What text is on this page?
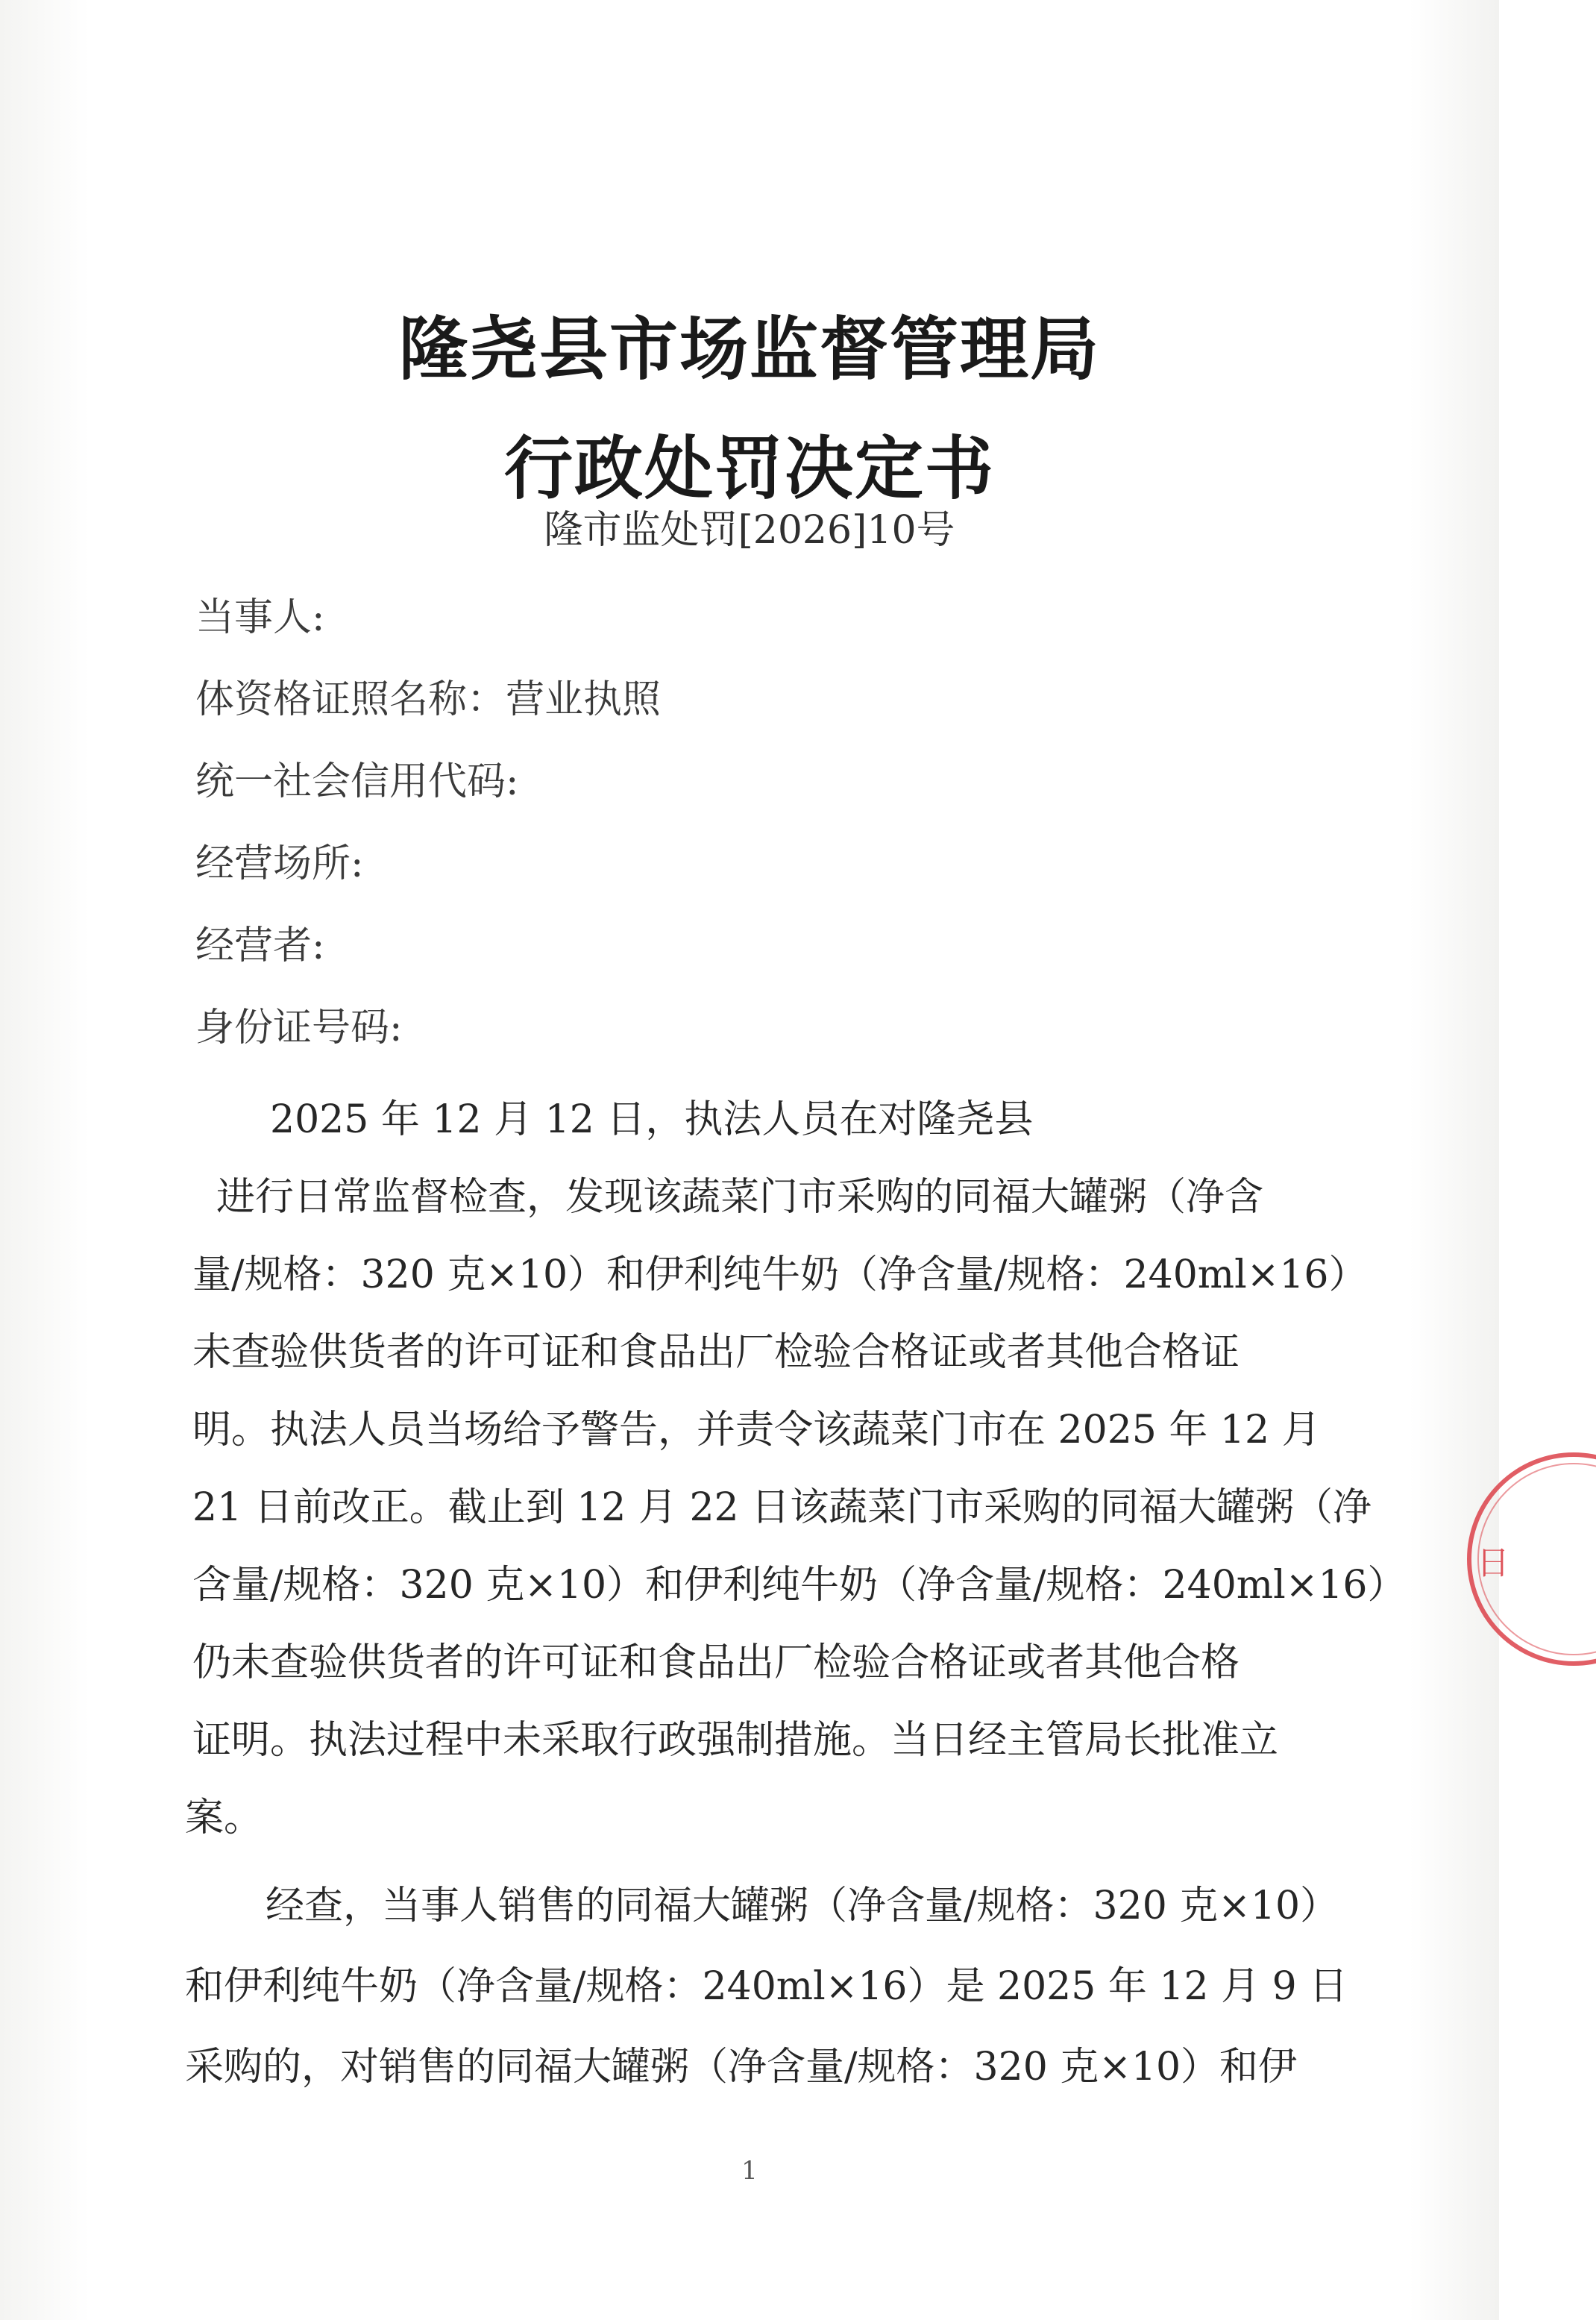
隆尧县市场监督管理局
行政处罚决定书
隆市监处罚[2026]10号
当事人:
体资格证照名称：营业执照
统一社会信用代码:
经营场所:
经营者:
身份证号码:
2025 年 12 月 12 日，执法人员在对隆尧县
进行日常监督检查，发现该蔬菜门市采购的同福大罐粥（净含
量/规格：320 克×10）和伊利纯牛奶（净含量/规格：240ml×16）
未查验供货者的许可证和食品出厂检验合格证或者其他合格证
明。执法人员当场给予警告，并责令该蔬菜门市在 2025 年 12 月
21 日前改正。截止到 12 月 22 日该蔬菜门市采购的同福大罐粥（净
含量/规格：320 克×10）和伊利纯牛奶（净含量/规格：240ml×16）
仍未查验供货者的许可证和食品出厂检验合格证或者其他合格
证明。执法过程中未采取行政强制措施。当日经主管局长批准立
案。
经查，当事人销售的同福大罐粥（净含量/规格：320 克×10）
和伊利纯牛奶（净含量/规格：240ml×16）是 2025 年 12 月 9 日
采购的，对销售的同福大罐粥（净含量/规格：320 克×10）和伊
1
日
